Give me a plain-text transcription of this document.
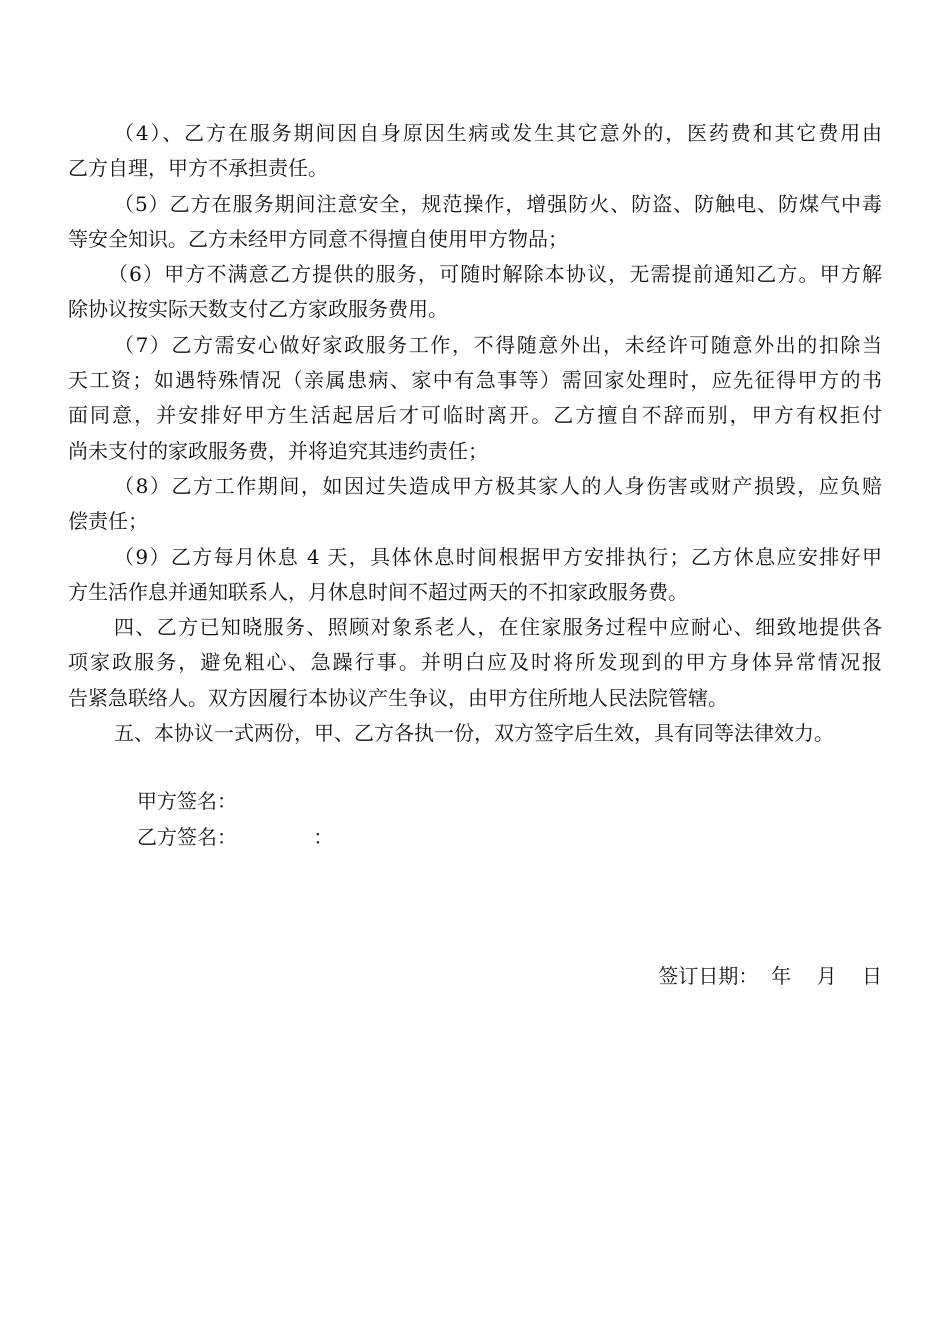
（4）、乙方在服务期间因自身原因生病或发生其它意外的，医药费和其它费用由
乙方自理，甲方不承担责任。
（5）乙方在服务期间注意安全，规范操作，增强防火、防盗、防触电、防煤气中毒
等安全知识。乙方未经甲方同意不得擅自使用甲方物品；
（6）甲方不满意乙方提供的服务，可随时解除本协议，无需提前通知乙方。甲方解
除协议按实际天数支付乙方家政服务费用。
（7）乙方需安心做好家政服务工作，不得随意外出，未经许可随意外出的扣除当
天工资；如遇特殊情况（亲属患病、家中有急事等）需回家处理时，应先征得甲方的书
面同意，并安排好甲方生活起居后才可临时离开。乙方擅自不辞而别，甲方有权拒付
尚未支付的家政服务费，并将追究其违约责任；
（8）乙方工作期间，如因过失造成甲方极其家人的人身伤害或财产损毁，应负赔
偿责任；
（9）乙方每月休息 4 天，具体休息时间根据甲方安排执行；乙方休息应安排好甲
方生活作息并通知联系人，月休息时间不超过两天的不扣家政服务费。
四、乙方已知晓服务、照顾对象系老人，在住家服务过程中应耐心、细致地提供各
项家政服务，避免粗心、急躁行事。并明白应及时将所发现到的甲方身体异常情况报
告紧急联络人。双方因履行本协议产生争议，由甲方住所地人民法院管辖。
五、本协议一式两份，甲、乙方各执一份，双方签字后生效，具有同等法律效力。
甲方签名：
乙方签名：            ：
签订日期：  年    月    日
